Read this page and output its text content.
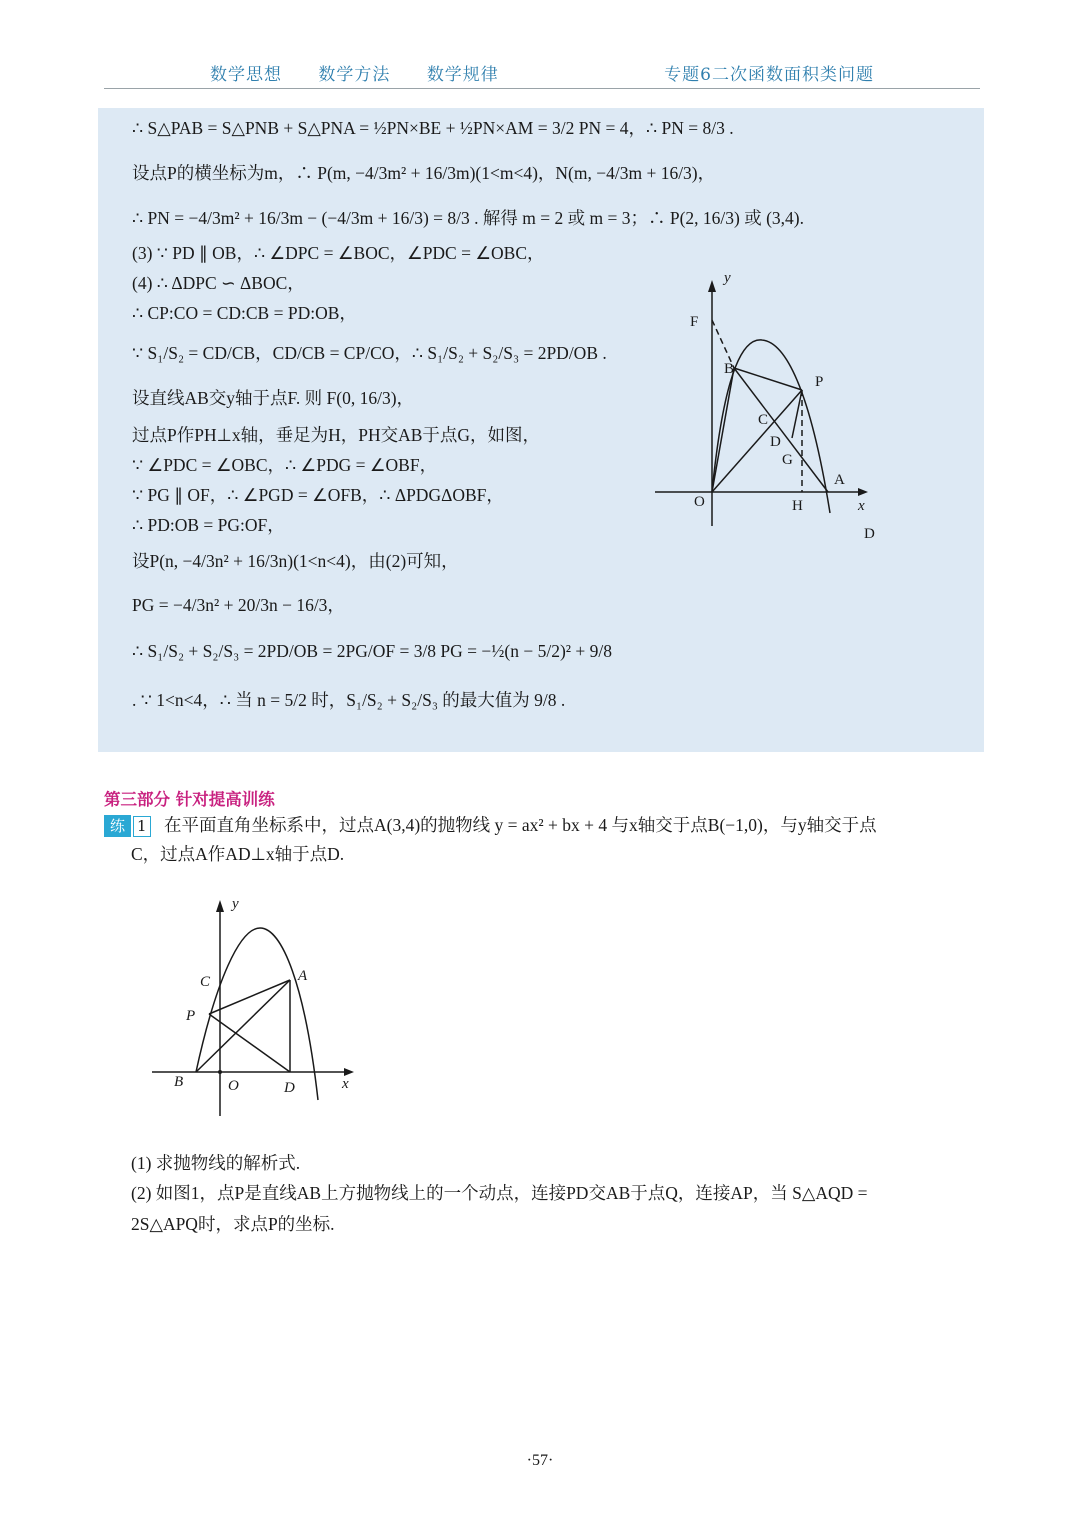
数学思想 数学方法 数学规律	专题6二次函数面积类问题
∴ S△PAB = S△PNB + S△PNA = ½PN×BE + ½PN×AM = 3/2 PN = 4，∴ PN = 8/3 .
设点P的横坐标为m，∴ P(m, −4/3m² + 16/3m)(1<m<4)，N(m, −4/3m + 16/3)，
∴ PN = −4/3m² + 16/3m − (−4/3m + 16/3) = 8/3 . 解得 m = 2 或 m = 3；∴ P(2, 16/3) 或 (3,4).
(3) ∵ PD ∥ OB，∴ ∠DPC = ∠BOC，∠PDC = ∠OBC，
(4) ∴ ΔDPC ∽ ΔBOC，
∴ CP:CO = CD:CB = PD:OB，
∵ S₁/S₂ = CD/CB，CD/CB = CP/CO，∴ S₁/S₂ + S₂/S₃ = 2PD/OB .
设直线AB交y轴于点F. 则 F(0, 16/3)，
过点P作PH⊥x轴，垂足为H，PH交AB于点G，如图，
∵ ∠PDC = ∠OBC，∴ ∠PDG = ∠OBF，
∵ PG ∥ OF，∴ ∠PGD = ∠OFB，∴ ΔPDGΔOBF，
∴ PD:OB = PG:OF，
设P(n, −4/3n² + 16/3n)(1<n<4)，由(2)可知，
PG = −4/3n² + 20/3n − 16/3，
∴ S₁/S₂ + S₂/S₃ = 2PD/OB = 2PG/OF = 3/8 PG = −½(n − 5/2)² + 9/8
. ∵ 1<n<4，∴ 当 n = 5/2 时，S₁/S₂ + S₂/S₃ 的最大值为 9/8 .
y
F
B
P
C
D
G
A
O	H	x
D
第三部分 针对提高训练
练 1 在平面直角坐标系中，过点A(3,4)的抛物线 y = ax² + bx + 4 与x轴交于点B(−1,0)，与y轴交于点
C，过点A作AD⊥x轴于点D.
y
C	A
P
B	O	D	x
(1) 求抛物线的解析式.
(2) 如图1，点P是直线AB上方抛物线上的一个动点，连接PD交AB于点Q，连接AP，当 S△AQD =
2S△APQ时，求点P的坐标.
·57·
